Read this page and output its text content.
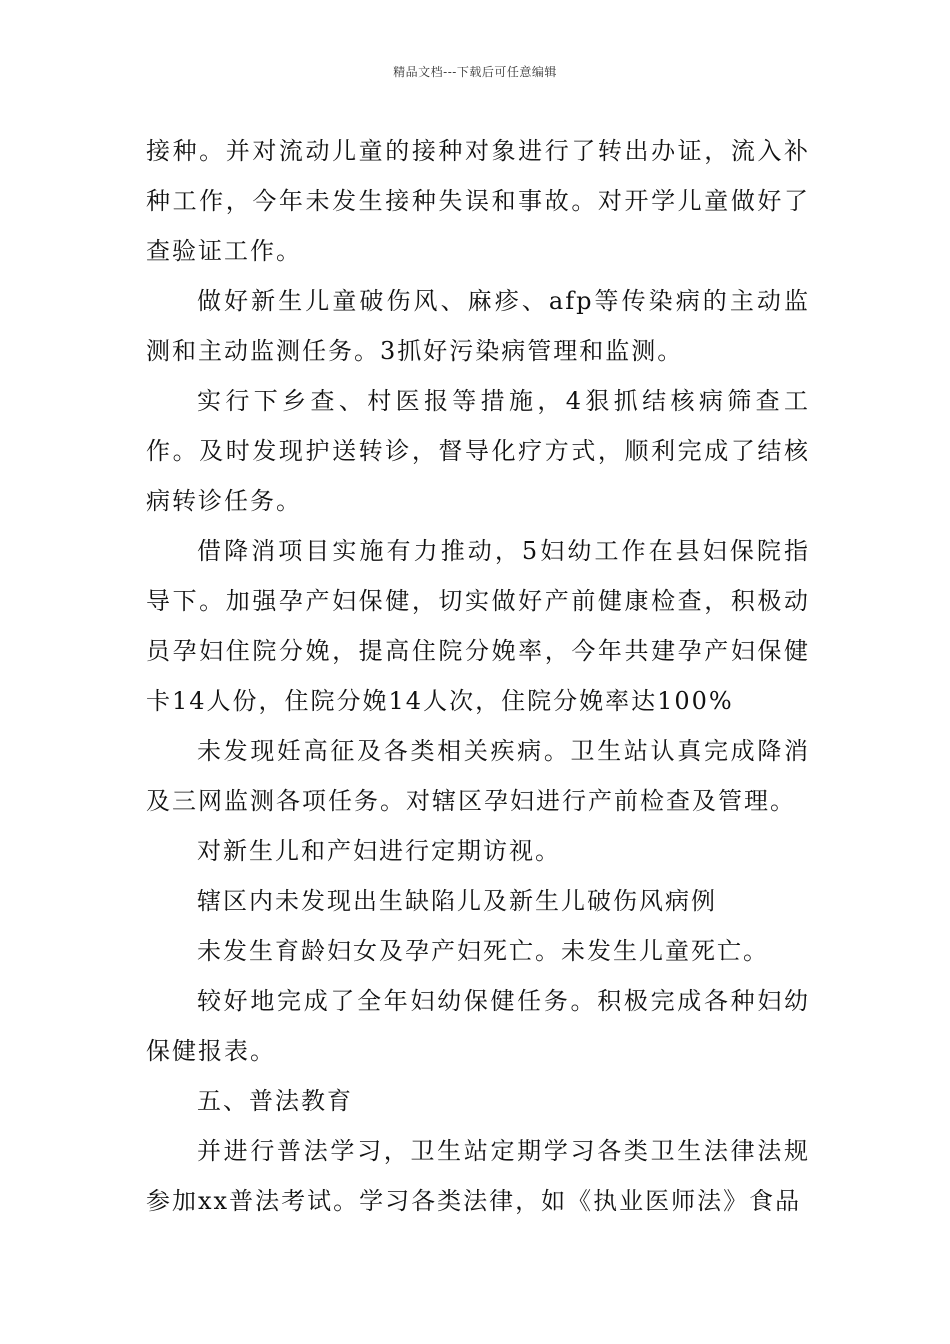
精品文档---下载后可任意编辑

接种。并对流动儿童的接种对象进行了转出办证，流入补种工作，今年未发生接种失误和事故。对开学儿童做好了查验证工作。

做好新生儿童破伤风、麻疹、afp等传染病的主动监测和主动监测任务。3抓好污染病管理和监测。

实行下乡查、村医报等措施，4狠抓结核病筛查工作。及时发现护送转诊，督导化疗方式，顺利完成了结核病转诊任务。

借降消项目实施有力推动，5妇幼工作在县妇保院指导下。加强孕产妇保健，切实做好产前健康检查，积极动员孕妇住院分娩，提高住院分娩率，今年共建孕产妇保健卡14人份，住院分娩14人次，住院分娩率达100%

未发现妊高征及各类相关疾病。卫生站认真完成降消及三网监测各项任务。对辖区孕妇进行产前检查及管理。

对新生儿和产妇进行定期访视。

辖区内未发现出生缺陷儿及新生儿破伤风病例

未发生育龄妇女及孕产妇死亡。未发生儿童死亡。

较好地完成了全年妇幼保健任务。积极完成各种妇幼保健报表。

五、普法教育

并进行普法学习，卫生站定期学习各类卫生法律法规参加xx普法考试。学习各类法律，如《执业医师法》食品
